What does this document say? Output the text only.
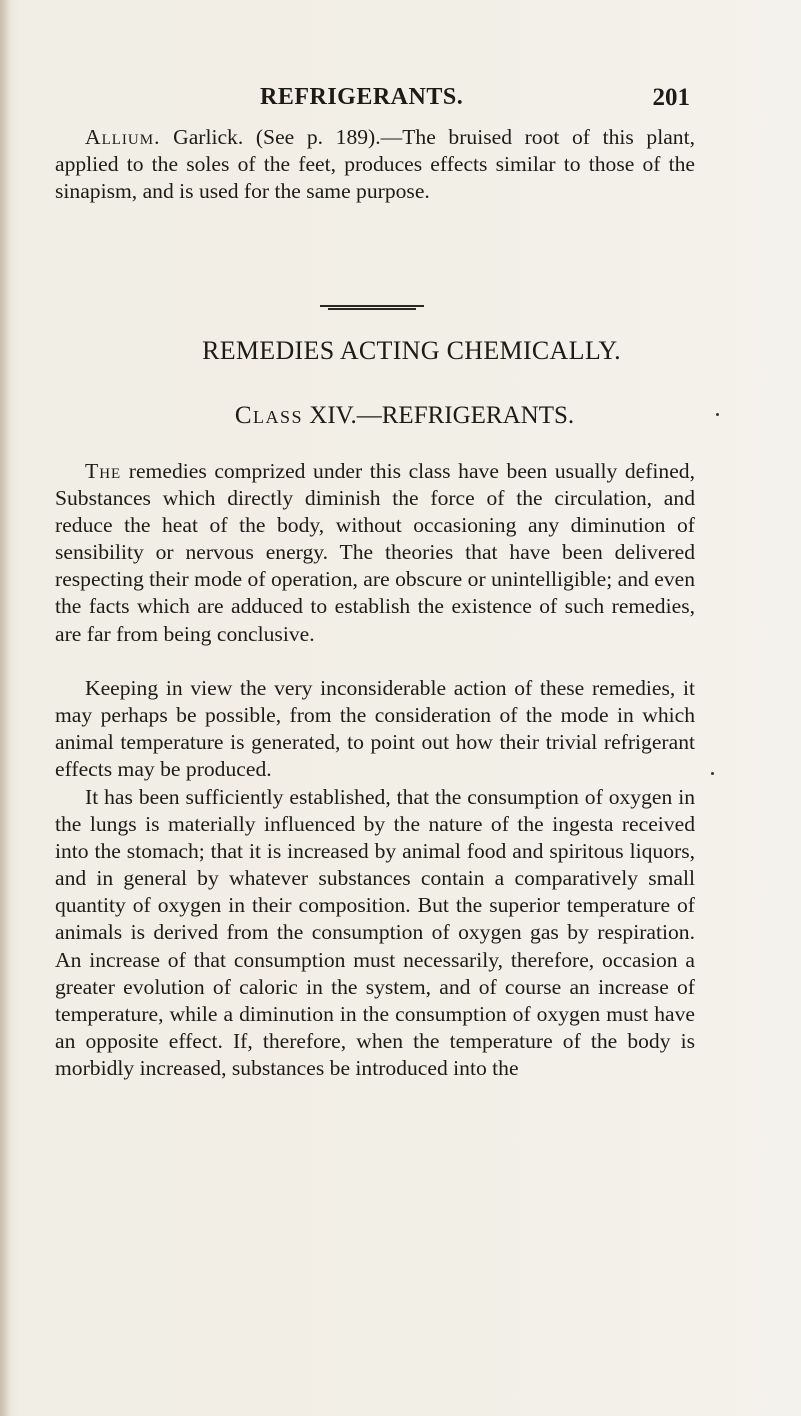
REFRIGERANTS.	201

Allium. Garlick. (See p. 189).—The bruised root of this plant, applied to the soles of the feet, produces effects similar to those of the sinapism, and is used for the same purpose.

REMEDIES ACTING CHEMICALLY.
Class XIV.—REFRIGERANTS.

The remedies comprized under this class have been usually defined, Substances which directly diminish the force of the circulation, and reduce the heat of the body, without occasioning any diminution of sensibility or nervous energy. The theories that have been delivered respecting their mode of operation, are obscure or unintelligible; and even the facts which are adduced to establish the existence of such remedies, are far from being conclusive.

Keeping in view the very inconsiderable action of these remedies, it may perhaps be possible, from the consideration of the mode in which animal temperature is generated, to point out how their trivial refrigerant effects may be produced.

It has been sufficiently established, that the consumption of oxygen in the lungs is materially influenced by the nature of the ingesta received into the stomach; that it is increased by animal food and spiritous liquors, and in general by whatever substances contain a comparatively small quantity of oxygen in their composition. But the superior temperature of animals is derived from the consumption of oxygen gas by respiration. An increase of that consumption must necessarily, therefore, occasion a greater evolution of caloric in the system, and of course an increase of temperature, while a diminution in the consumption of oxygen must have an opposite effect. If, therefore, when the temperature of the body is morbidly increased, substances be introduced into the
